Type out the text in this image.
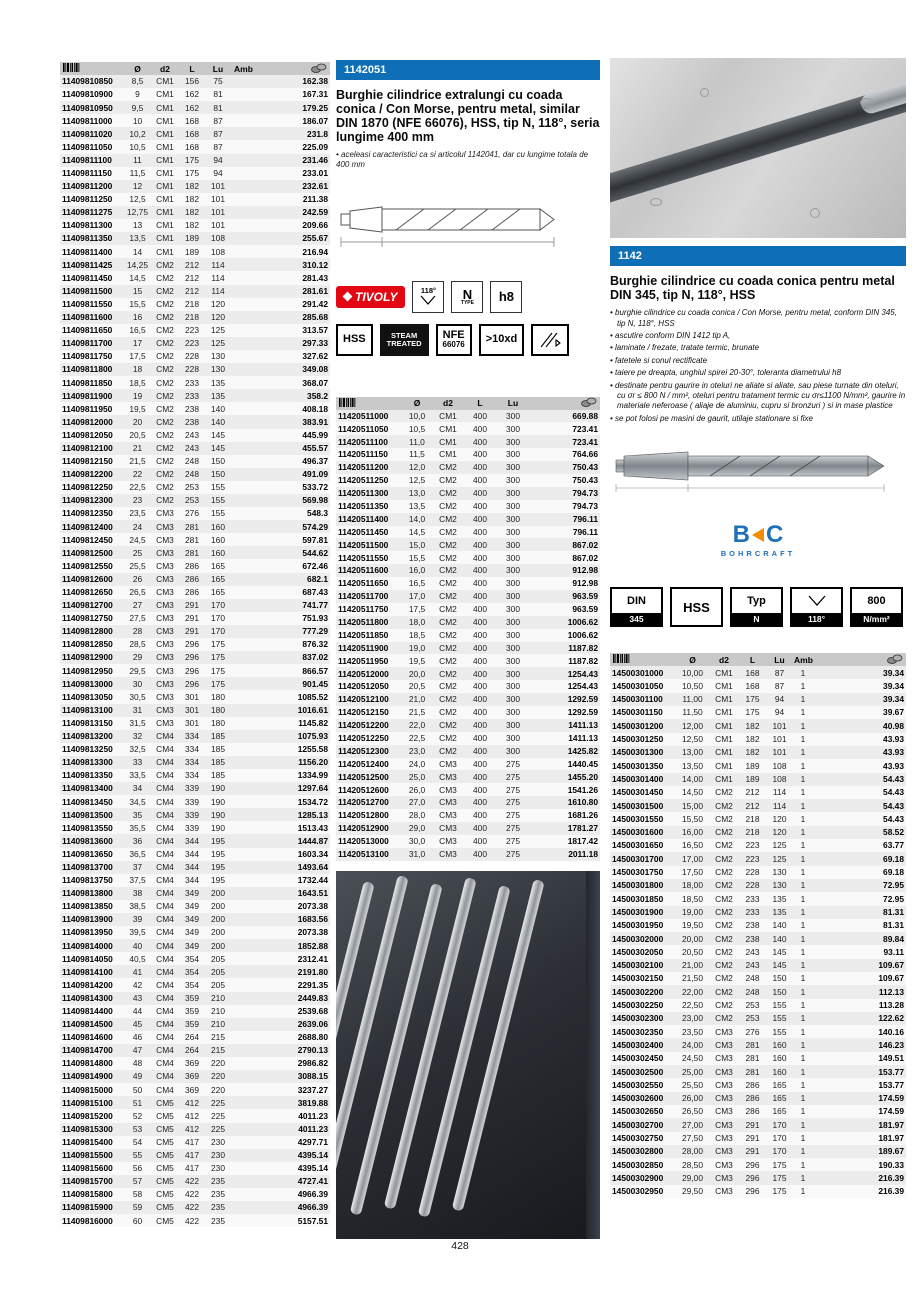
	Ø	d2	L	Lu	Amb	
11409810850	8,5	CM1	156	75		162.38
11409810900	9	CM1	162	81		167.31
11409810950	9,5	CM1	162	81		179.25
11409811000	10	CM1	168	87		186.07
11409811020	10,2	CM1	168	87		231.8
11409811050	10,5	CM1	168	87		225.09
11409811100	11	CM1	175	94		231.46
11409811150	11,5	CM1	175	94		233.01
11409811200	12	CM1	182	101		232.61
11409811250	12,5	CM1	182	101		211.38
11409811275	12,75	CM1	182	101		242.59
11409811300	13	CM1	182	101		209.66
11409811350	13,5	CM1	189	108		255.67
11409811400	14	CM1	189	108		216.94
11409811425	14,25	CM2	212	114		310.12
11409811450	14,5	CM2	212	114		281.43
11409811500	15	CM2	212	114		281.61
11409811550	15,5	CM2	218	120		291.42
11409811600	16	CM2	218	120		285.68
11409811650	16,5	CM2	223	125		313.57
11409811700	17	CM2	223	125		297.33
11409811750	17,5	CM2	228	130		327.62
11409811800	18	CM2	228	130		349.08
11409811850	18,5	CM2	233	135		368.07
11409811900	19	CM2	233	135		358.2
11409811950	19,5	CM2	238	140		408.18
11409812000	20	CM2	238	140		383.91
11409812050	20,5	CM2	243	145		445.99
11409812100	21	CM2	243	145		455.57
11409812150	21,5	CM2	248	150		496.37
11409812200	22	CM2	248	150		491.09
11409812250	22,5	CM2	253	155		533.72
11409812300	23	CM2	253	155		569.98
11409812350	23,5	CM3	276	155		548.3
11409812400	24	CM3	281	160		574.29
11409812450	24,5	CM3	281	160		597.81
11409812500	25	CM3	281	160		544.62
11409812550	25,5	CM3	286	165		672.46
11409812600	26	CM3	286	165		682.1
11409812650	26,5	CM3	286	165		687.43
11409812700	27	CM3	291	170		741.77
11409812750	27,5	CM3	291	170		751.93
11409812800	28	CM3	291	170		777.29
11409812850	28,5	CM3	296	175		876.32
11409812900	29	CM3	296	175		837.02
11409812950	29,5	CM3	296	175		866.57
11409813000	30	CM3	296	175		901.45
11409813050	30,5	CM3	301	180		1085.52
11409813100	31	CM3	301	180		1016.61
11409813150	31,5	CM3	301	180		1145.82
11409813200	32	CM4	334	185		1075.93
11409813250	32,5	CM4	334	185		1255.58
11409813300	33	CM4	334	185		1156.20
11409813350	33,5	CM4	334	185		1334.99
11409813400	34	CM4	339	190		1297.64
11409813450	34,5	CM4	339	190		1534.72
11409813500	35	CM4	339	190		1285.13
11409813550	35,5	CM4	339	190		1513.43
11409813600	36	CM4	344	195		1444.87
11409813650	36,5	CM4	344	195		1603.34
11409813700	37	CM4	344	195		1493.64
11409813750	37,5	CM4	344	195		1732.44
11409813800	38	CM4	349	200		1643.51
11409813850	38,5	CM4	349	200		2073.38
11409813900	39	CM4	349	200		1683.56
11409813950	39,5	CM4	349	200		2073.38
11409814000	40	CM4	349	200		1852.88
11409814050	40,5	CM4	354	205		2312.41
11409814100	41	CM4	354	205		2191.80
11409814200	42	CM4	354	205		2291.35
11409814300	43	CM4	359	210		2449.83
11409814400	44	CM4	359	210		2539.68
11409814500	45	CM4	359	210		2639.06
11409814600	46	CM4	264	215		2688.80
11409814700	47	CM4	264	215		2790.13
11409814800	48	CM4	369	220		2986.82
11409814900	49	CM4	369	220		3088.15
11409815000	50	CM4	369	220		3237.27
11409815100	51	CM5	412	225		3819.88
11409815200	52	CM5	412	225		4011.23
11409815300	53	CM5	412	225		4011.23
11409815400	54	CM5	417	230		4297.71
11409815500	55	CM5	417	230		4395.14
11409815600	56	CM5	417	230		4395.14
11409815700	57	CM5	422	235		4727.41
11409815800	58	CM5	422	235		4966.39
11409815900	59	CM5	422	235		4966.39
11409816000	60	CM5	422	235		5157.51
1142051
Burghie cilindrice extralungi cu coada conica / Con Morse, pentru metal, similar DIN 1870 (NFE 66076), HSS, tip N, 118°, seria lungime 400 mm
• aceleasi caracteristici ca si articolul 1142041, dar cu lungime totala de 400 mm
TIVOLY	118° N
TYPE h8
HSS	STEAM
TREATED
NFE
66076 >10xd
	Ø	d2	L	Lu	
11420511000	10,0	CM1	400	300	669.88
11420511050	10,5	CM1	400	300	723.41
11420511100	11,0	CM1	400	300	723.41
11420511150	11,5	CM1	400	300	764.66
11420511200	12,0	CM2	400	300	750.43
11420511250	12,5	CM2	400	300	750.43
11420511300	13,0	CM2	400	300	794.73
11420511350	13,5	CM2	400	300	794.73
11420511400	14,0	CM2	400	300	796.11
11420511450	14,5	CM2	400	300	796.11
11420511500	15,0	CM2	400	300	867.02
11420511550	15,5	CM2	400	300	867.02
11420511600	16,0	CM2	400	300	912.98
11420511650	16,5	CM2	400	300	912.98
11420511700	17,0	CM2	400	300	963.59
11420511750	17,5	CM2	400	300	963.59
11420511800	18,0	CM2	400	300	1006.62
11420511850	18,5	CM2	400	300	1006.62
11420511900	19,0	CM2	400	300	1187.82
11420511950	19,5	CM2	400	300	1187.82
11420512000	20,0	CM2	400	300	1254.43
11420512050	20,5	CM2	400	300	1254.43
11420512100	21,0	CM2	400	300	1292.59
11420512150	21,5	CM2	400	300	1292.59
11420512200	22,0	CM2	400	300	1411.13
11420512250	22,5	CM2	400	300	1411.13
11420512300	23,0	CM2	400	300	1425.82
11420512400	24,0	CM3	400	275	1440.45
11420512500	25,0	CM3	400	275	1455.20
11420512600	26,0	CM3	400	275	1541.26
11420512700	27,0	CM3	400	275	1610.80
11420512800	28,0	CM3	400	275	1681.26
11420512900	29,0	CM3	400	275	1781.27
11420513000	30,0	CM3	400	275	1817.42
11420513100	31,0	CM3	400	275	2011.18
1142
Burghie cilindrice cu coada conica pentru metal DIN 345, tip N, 118°, HSS
• burghie cilindrice cu coada conica / Con Morse, pentru metal, conform DIN 345, tip N, 118°, HSS
• ascutire conform DIN 1412 tip A,
• laminate / frezate, tratate termic, brunate
• fatetele si conul rectificate
• taiere pe dreapta, unghiul spirei 20-30°, toleranta diametrului h8
• destinate pentru gaurire in oteluri ne aliate si aliate, sau piese turnate din oteluri, cu σr ≤ 800 N / mm², oteluri pentru tratament termic cu σr≤1100 N/mm², gaurire in materiale neferoase ( aliaje de aluminiu, cupru si bronzuri ) si in mase plastice
• se pot folosi pe masini de gaurit, utilaje stationare si fixe
B C
BOHRCRAFT
DIN
345
HSS	Typ
N	118°
800
N/mm²
	Ø	d2	L	Lu	Amb	
14500301000	10,00	CM1	168	87	1	39.34
14500301050	10,50	CM1	168	87	1	39.34
14500301100	11,00	CM1	175	94	1	39.34
14500301150	11,50	CM1	175	94	1	39.67
14500301200	12,00	CM1	182	101	1	40.98
14500301250	12,50	CM1	182	101	1	43.93
14500301300	13,00	CM1	182	101	1	43.93
14500301350	13,50	CM1	189	108	1	43.93
14500301400	14,00	CM1	189	108	1	54.43
14500301450	14,50	CM2	212	114	1	54.43
14500301500	15,00	CM2	212	114	1	54.43
14500301550	15,50	CM2	218	120	1	54.43
14500301600	16,00	CM2	218	120	1	58.52
14500301650	16,50	CM2	223	125	1	63.77
14500301700	17,00	CM2	223	125	1	69.18
14500301750	17,50	CM2	228	130	1	69.18
14500301800	18,00	CM2	228	130	1	72.95
14500301850	18,50	CM2	233	135	1	72.95
14500301900	19,00	CM2	233	135	1	81.31
14500301950	19,50	CM2	238	140	1	81.31
14500302000	20,00	CM2	238	140	1	89.84
14500302050	20,50	CM2	243	145	1	93.11
14500302100	21,00	CM2	243	145	1	109.67
14500302150	21,50	CM2	248	150	1	109.67
14500302200	22,00	CM2	248	150	1	112.13
14500302250	22,50	CM2	253	155	1	113.28
14500302300	23,00	CM2	253	155	1	122.62
14500302350	23,50	CM3	276	155	1	140.16
14500302400	24,00	CM3	281	160	1	146.23
14500302450	24,50	CM3	281	160	1	149.51
14500302500	25,00	CM3	281	160	1	153.77
14500302550	25,50	CM3	286	165	1	153.77
14500302600	26,00	CM3	286	165	1	174.59
14500302650	26,50	CM3	286	165	1	174.59
14500302700	27,00	CM3	291	170	1	181.97
14500302750	27,50	CM3	291	170	1	181.97
14500302800	28,00	CM3	291	170	1	189.67
14500302850	28,50	CM3	296	175	1	190.33
14500302900	29,00	CM3	296	175	1	216.39
14500302950	29,50	CM3	296	175	1	216.39
428
